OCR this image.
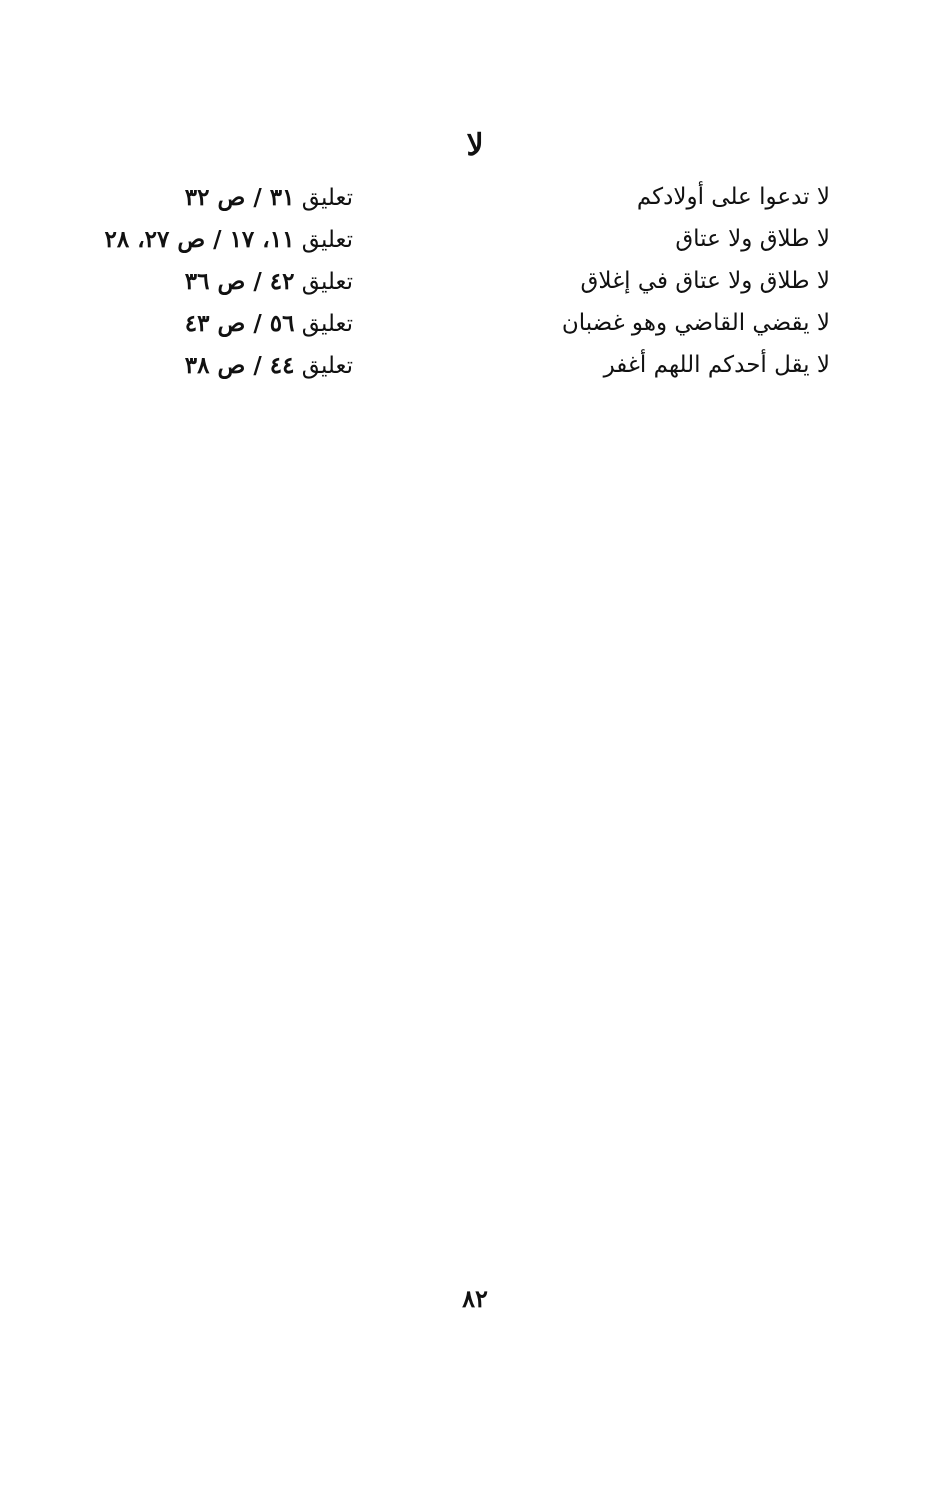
لا
لا تدعوا على أولادكم
تعليق ٣١ / ص ٣٢
لا طلاق ولا عتاق
تعليق ١١، ١٧ / ص ٢٧، ٢٨
لا طلاق ولا عتاق في إغلاق
تعليق ٤٢ / ص ٣٦
لا يقضي القاضي وهو غضبان
تعليق ٥٦ / ص ٤٣
لا يقل أحدكم اللهم أغفر
تعليق ٤٤ / ص ٣٨
٨٢
